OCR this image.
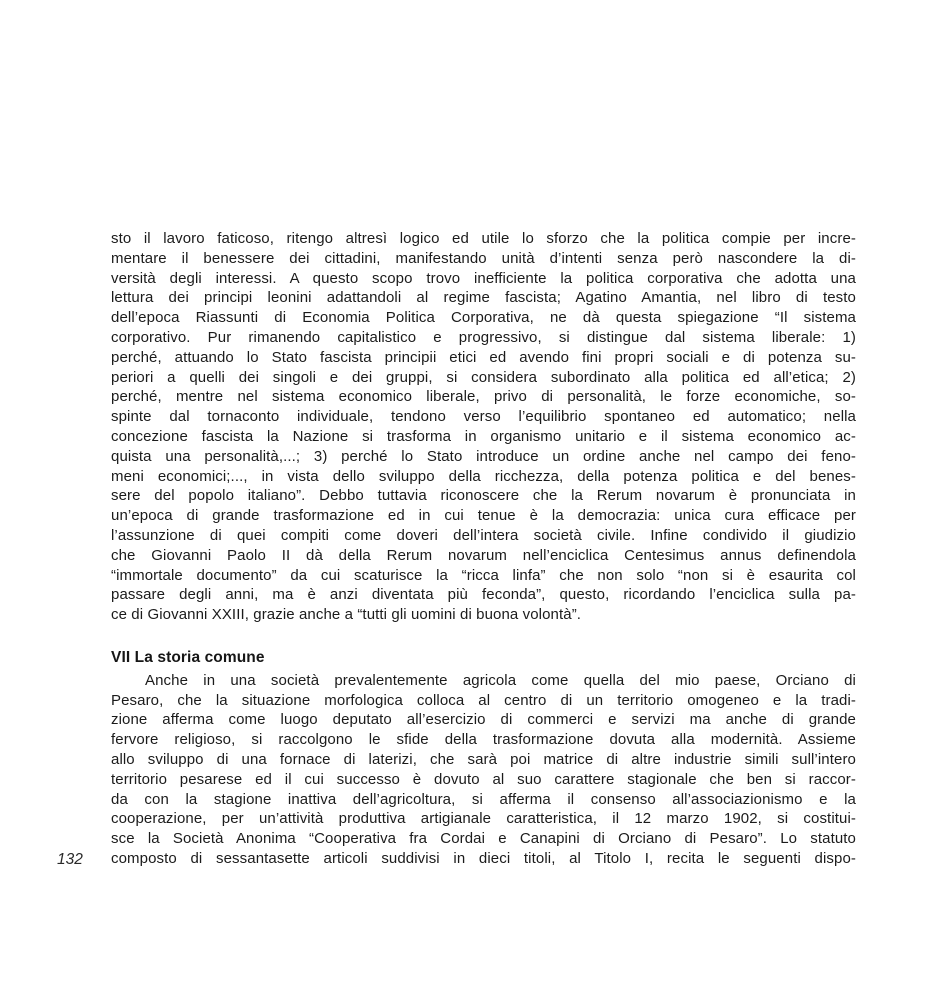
132
sto il lavoro faticoso, ritengo altresì logico ed utile lo sforzo che la politica compie per incre-
mentare il benessere dei cittadini, manifestando unità d’intenti senza però nascondere la di-
versità degli interessi. A questo scopo trovo inefficiente la politica corporativa che adotta una
lettura dei principi leonini adattandoli al regime fascista; Agatino Amantia, nel libro di testo
dell’epoca Riassunti di Economia Politica Corporativa, ne dà questa spiegazione “Il sistema
corporativo. Pur rimanendo capitalistico e progressivo, si distingue dal sistema liberale: 1)
perché, attuando lo Stato fascista principii etici ed avendo fini propri sociali e di potenza su-
periori a quelli dei singoli e dei gruppi, si considera subordinato alla politica ed all’etica; 2)
perché, mentre nel sistema economico liberale, privo di personalità, le forze economiche, so-
spinte dal tornaconto individuale, tendono verso l’equilibrio spontaneo ed automatico; nella
concezione fascista la Nazione si trasforma in organismo unitario e il sistema economico ac-
quista una personalità,...; 3) perché lo Stato introduce un ordine anche nel campo dei feno-
meni economici;..., in vista dello sviluppo della ricchezza, della potenza politica e del benes-
sere del popolo italiano”. Debbo tuttavia riconoscere che la Rerum novarum è pronunciata in
un’epoca di grande trasformazione ed in cui tenue è la democrazia: unica cura efficace per
l’assunzione di quei compiti come doveri dell’intera società civile. Infine condivido il giudizio
che Giovanni Paolo II dà della Rerum novarum nell’enciclica Centesimus annus definendola
“immortale documento” da cui scaturisce la “ricca linfa” che non solo “non si è esaurita col
passare degli anni, ma è anzi diventata più feconda”, questo, ricordando l’enciclica sulla pa-
ce di Giovanni XXIII, grazie anche a “tutti gli uomini di buona volontà”.
VII La storia comune
Anche in una società prevalentemente agricola come quella del mio paese, Orciano di
Pesaro, che la situazione morfologica colloca al centro di un territorio omogeneo e la tradi-
zione afferma come luogo deputato all’esercizio di commerci e servizi ma anche di grande
fervore religioso, si raccolgono le sfide della trasformazione dovuta alla modernità. Assieme
allo sviluppo di una fornace di laterizi, che sarà poi matrice di altre industrie simili sull’intero
territorio pesarese ed il cui successo è dovuto al suo carattere stagionale che ben si raccor-
da con la stagione inattiva dell’agricoltura, si afferma il consenso all’associazionismo e la
cooperazione, per un’attività produttiva artigianale caratteristica, il 12 marzo 1902, si costitui-
sce la Società Anonima “Cooperativa fra Cordai e Canapini di Orciano di Pesaro”. Lo statuto
composto di sessantasette articoli suddivisi in dieci titoli, al Titolo I, recita le seguenti dispo-
